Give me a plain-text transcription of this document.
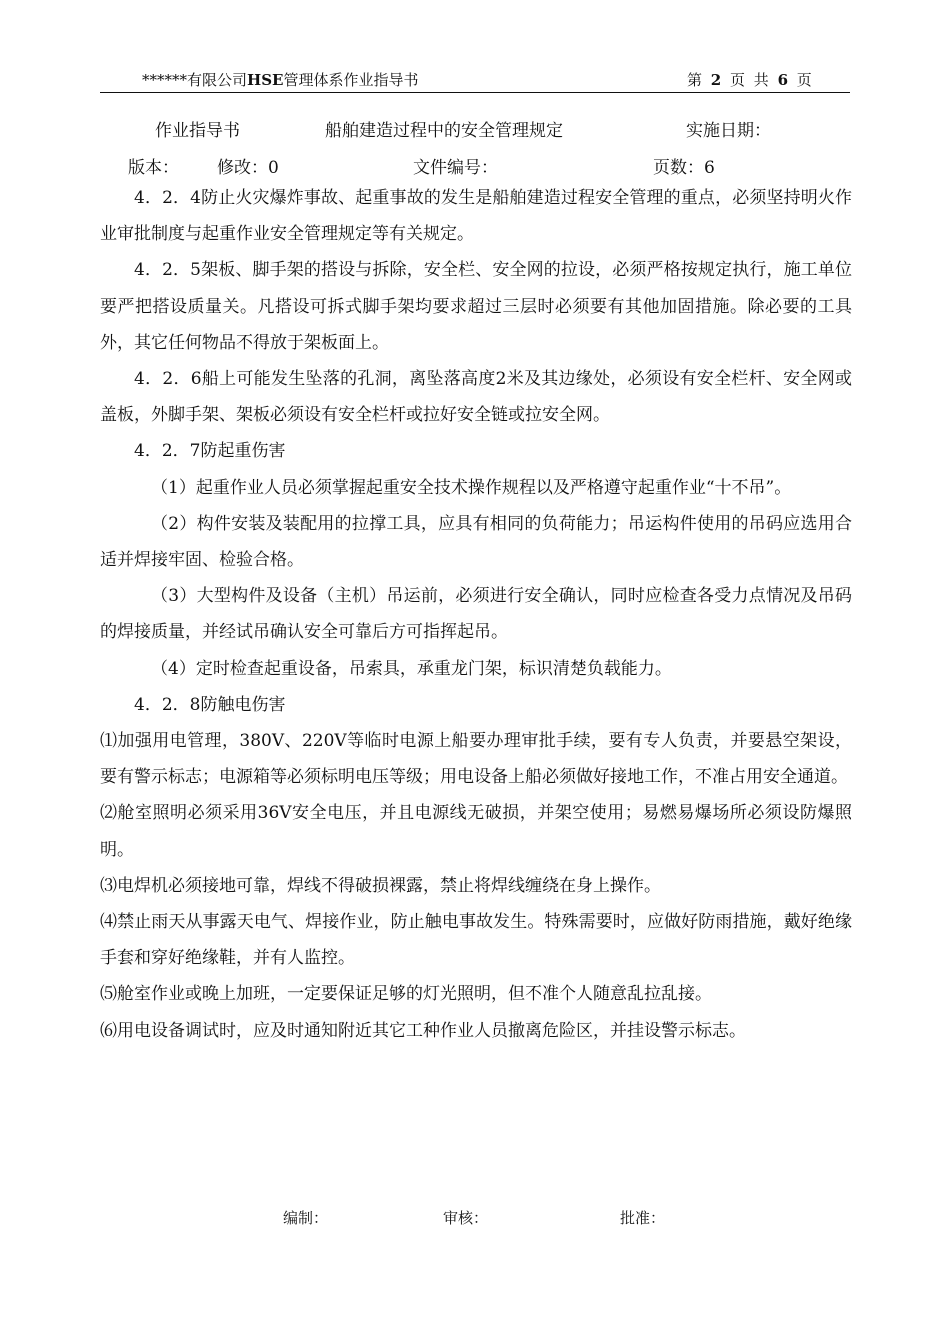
******有限公司HSE管理体系作业指导书	第 2 页 共 6 页
作业指导书	船舶建造过程中的安全管理规定	实施日期：
版本： 修改：0	文件编号：	页数：6

4．2．4防止火灾爆炸事故、起重事故的发生是船舶建造过程安全管理的重点，必须坚持明火作业审批制度与起重作业安全管理规定等有关规定。

4．2．5架板、脚手架的搭设与拆除，安全栏、安全网的拉设，必须严格按规定执行，施工单位要严把搭设质量关。凡搭设可拆式脚手架均要求超过三层时必须要有其他加固措施。除必要的工具外，其它任何物品不得放于架板面上。

4．2．6船上可能发生坠落的孔洞，离坠落高度2米及其边缘处，必须设有安全栏杆、安全网或盖板，外脚手架、架板必须设有安全栏杆或拉好安全链或拉安全网。

4．2．7防起重伤害

（1）起重作业人员必须掌握起重安全技术操作规程以及严格遵守起重作业“十不吊”。

（2）构件安装及装配用的拉撑工具，应具有相同的负荷能力；吊运构件使用的吊码应选用合适并焊接牢固、检验合格。

（3）大型构件及设备（主机）吊运前，必须进行安全确认，同时应检查各受力点情况及吊码的焊接质量，并经试吊确认安全可靠后方可指挥起吊。

（4）定时检查起重设备，吊索具，承重龙门架，标识清楚负载能力。

4．2．8防触电伤害

⑴加强用电管理，380V、220V等临时电源上船要办理审批手续，要有专人负责，并要悬空架设，要有警示标志；电源箱等必须标明电压等级；用电设备上船必须做好接地工作，不准占用安全通道。

⑵舱室照明必须采用36V安全电压，并且电源线无破损，并架空使用；易燃易爆场所必须设防爆照明。

⑶电焊机必须接地可靠，焊线不得破损裸露，禁止将焊线缠绕在身上操作。

⑷禁止雨天从事露天电气、焊接作业，防止触电事故发生。特殊需要时，应做好防雨措施，戴好绝缘手套和穿好绝缘鞋，并有人监控。

⑸舱室作业或晚上加班，一定要保证足够的灯光照明，但不准个人随意乱拉乱接。

⑹用电设备调试时，应及时通知附近其它工种作业人员撤离危险区，并挂设警示标志。

编制：	审核：	批准：
